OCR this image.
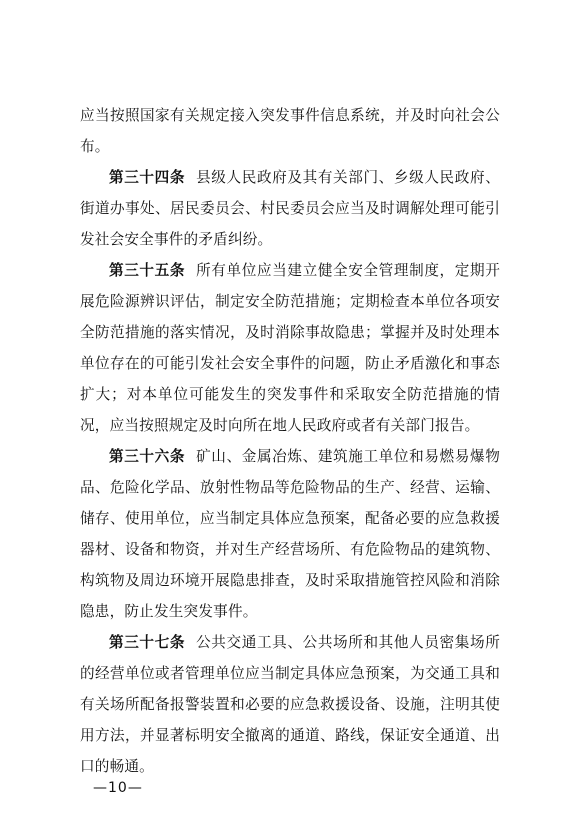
应当按照国家有关规定接入突发事件信息系统，并及时向社会公布。

第三十四条 县级人民政府及其有关部门、乡级人民政府、街道办事处、居民委员会、村民委员会应当及时调解处理可能引发社会安全事件的矛盾纠纷。

第三十五条 所有单位应当建立健全安全管理制度，定期开展危险源辨识评估，制定安全防范措施；定期检查本单位各项安全防范措施的落实情况，及时消除事故隐患；掌握并及时处理本单位存在的可能引发社会安全事件的问题，防止矛盾激化和事态扩大；对本单位可能发生的突发事件和采取安全防范措施的情况，应当按照规定及时向所在地人民政府或者有关部门报告。

第三十六条 矿山、金属冶炼、建筑施工单位和易燃易爆物品、危险化学品、放射性物品等危险物品的生产、经营、运输、储存、使用单位，应当制定具体应急预案，配备必要的应急救援器材、设备和物资，并对生产经营场所、有危险物品的建筑物、构筑物及周边环境开展隐患排查，及时采取措施管控风险和消除隐患，防止发生突发事件。

第三十七条 公共交通工具、公共场所和其他人员密集场所的经营单位或者管理单位应当制定具体应急预案，为交通工具和有关场所配备报警装置和必要的应急救援设备、设施，注明其使用方法，并显著标明安全撤离的通道、路线，保证安全通道、出口的畅通。

—10—
